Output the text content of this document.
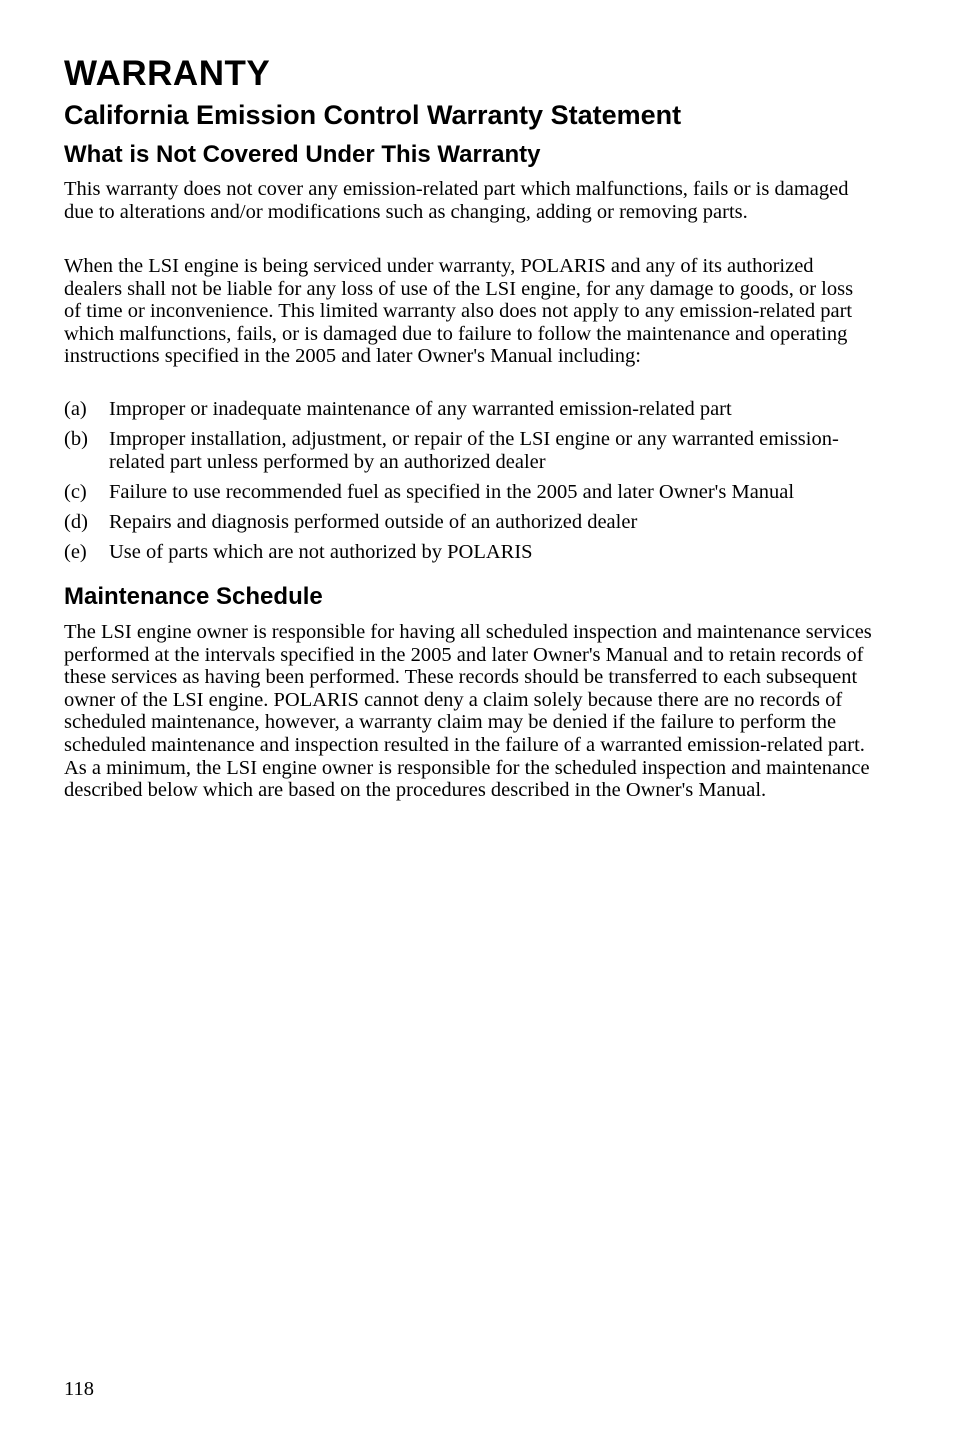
WARRANTY
California Emission Control Warranty Statement
What is Not Covered Under This Warranty

This warranty does not cover any emission-related part which malfunctions, fails or is damaged due to alterations and/or modifications such as changing, adding or removing parts.

When the LSI engine is being serviced under warranty, POLARIS and any of its authorized dealers shall not be liable for any loss of use of the LSI engine, for any damage to goods, or loss of time or inconvenience. This limited warranty also does not apply to any emission-related part which malfunctions, fails, or is damaged due to failure to follow the maintenance and operating instructions specified in the 2005 and later Owner's Manual including:

(a)	Improper or inadequate maintenance of any warranted emission-related part
(b)	Improper installation, adjustment, or repair of the LSI engine or any warranted emission-related part unless performed by an authorized dealer
(c)	Failure to use recommended fuel as specified in the 2005 and later Owner's Manual
(d)	Repairs and diagnosis performed outside of an authorized dealer
(e)	Use of parts which are not authorized by POLARIS
Maintenance Schedule

The LSI engine owner is responsible for having all scheduled inspection and maintenance services performed at the intervals specified in the 2005 and later Owner's Manual and to retain records of these services as having been performed. These records should be transferred to each subsequent owner of the LSI engine. POLARIS cannot deny a claim solely because there are no records of scheduled maintenance, however, a warranty claim may be denied if the failure to perform the scheduled maintenance and inspection resulted in the failure of a warranted emission-related part. As a minimum, the LSI engine owner is responsible for the scheduled inspection and maintenance described below which are based on the procedures described in the Owner's Manual.

118
